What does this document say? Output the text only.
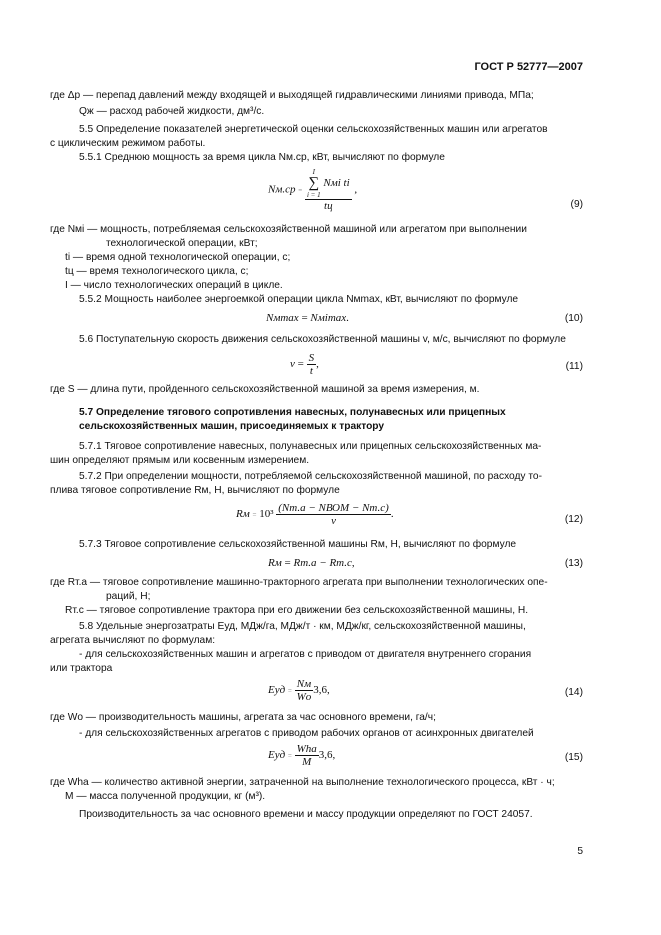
ГОСТ Р 52777—2007
где Δр — перепад давлений между входящей и выходящей гидравлическими линиями привода, МПа;
Qж — расход рабочей жидкости, дм³/с.
5.5 Определение показателей энергетической оценки сельскохозяйственных машин или агрегатов
с циклическим режимом работы.
5.5.1 Среднюю мощность за время цикла Nм.ср, кВт, вычисляют по формуле
Nм.ср = I
∑
i = 1
Nмi ti
tц ,
(9)
где Nмi — мощность, потребляемая сельскохозяйственной машиной или агрегатом при выполнении
технологической операции, кВт;
ti — время одной технологической операции, с;
tц — время технологического цикла, с;
I — число технологических операций в цикле.
5.5.2 Мощность наиболее энергоемкой операции цикла Nмmax, кВт, вычисляют по формуле
Nмmax = Nмimax.	(10)
5.6 Поступательную скорость движения сельскохозяйственной машины v, м/с, вычисляют по формуле
$v = \frac{S}{t}$ ,	(11)
где S — длина пути, пройденного сельскохозяйственной машиной за время измерения, м.
5.7 Определение тягового сопротивления навесных, полунавесных или прицепных
сельскохозяйственных машин, присоединяемых к трактору
5.7.1 Тяговое сопротивление навесных, полунавесных или прицепных сельскохозяйственных ма-
шин определяют прямым или косвенным измерением.
5.7.2 При определении мощности, потребляемой сельскохозяйственной машиной, по расходу то-
плива тяговое сопротивление Rм, Н, вычисляют по формуле
Rм = $10^3 \frac{\text{(Nт.а − NВОМ − Nт.с)}}{v}$ .	(12)
5.7.3 Тяговое сопротивление сельскохозяйственной машины Rм, Н, вычисляют по формуле
Rм = Rт.а − Rт.с,	(13)
где Rт.а — тяговое сопротивление машинно-тракторного агрегата при выполнении технологических опе-
раций, Н;
Rт.с — тяговое сопротивление трактора при его движении без сельскохозяйственной машины, Н.
5.8 Удельные энергозатраты Eуд, МДж/га, МДж/т · км, МДж/кг, сельскохозяйственной машины,
агрегата вычисляют по формулам:
- для сельскохозяйственных машин и агрегатов с приводом от двигателя внутреннего сгорания
или трактора
Eуд = $\frac{Nм}{Wо} 3,6$,	(14)
где Wо — производительность машины, агрегата за час основного времени, га/ч;
- для сельскохозяйственных агрегатов с приводом рабочих органов от асинхронных двигателей
Eуд = $\frac{\text{Wha}}{M} 3,6$,	(15)
где Wha — количество активной энергии, затраченной на выполнение технологического процесса, кВт · ч;
M — масса полученной продукции, кг (м³).
Производительность за час основного времени и массу продукции определяют по ГОСТ 24057.
5
